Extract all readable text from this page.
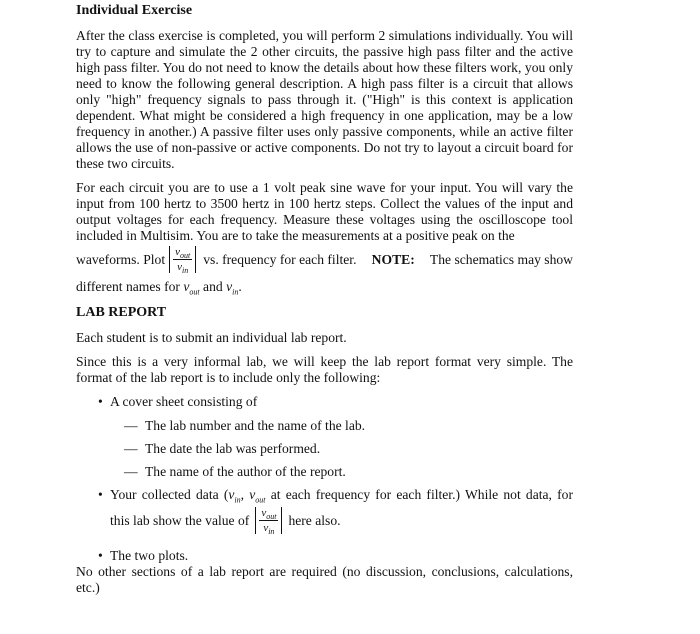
Individual Exercise

After the class exercise is completed, you will perform 2 simulations individually. You will try to capture and simulate the 2 other circuits, the passive high pass filter and the active high pass filter. You do not need to know the details about how these filters work, you only need to know the following general description. A high pass filter is a circuit that allows only "high" frequency signals to pass through it. ("High" is this context is application dependent. What might be considered a high frequency in one application, may be a low frequency in another.) A passive filter uses only passive components, while an active filter allows the use of non-passive or active components. Do not try to layout a circuit board for these two circuits.

For each circuit you are to use a 1 volt peak sine wave for your input. You will vary the input from 100 hertz to 3500 hertz in 100 hertz steps. Collect the values of the input and output voltages for each frequency. Measure these voltages using the oscilloscope tool included in Multisim. You are to take the measurements at a positive peak on the

waveforms. Plot $\frac{v_{out}}{v_{in}}$ vs. frequency for each filter. NOTE: The schematics may show
different names for $v_{out}$ and $v_{in}$.
LAB REPORT

Each student is to submit an individual lab report.

Since this is a very informal lab, we will keep the lab report format very simple. The format of the lab report is to include only the following:

• A cover sheet consisting of
— The lab number and the name of the lab.
— The date the lab was performed.
— The name of the author of the report.
• Your collected data ($v_{in}$, $v_{out}$ at each frequency for each filter.) While not data, for
this lab show the value of $\frac{v_{out}}{v_{in}}$ here also.
• The two plots.

No other sections of a lab report are required (no discussion, conclusions, calculations, etc.)
